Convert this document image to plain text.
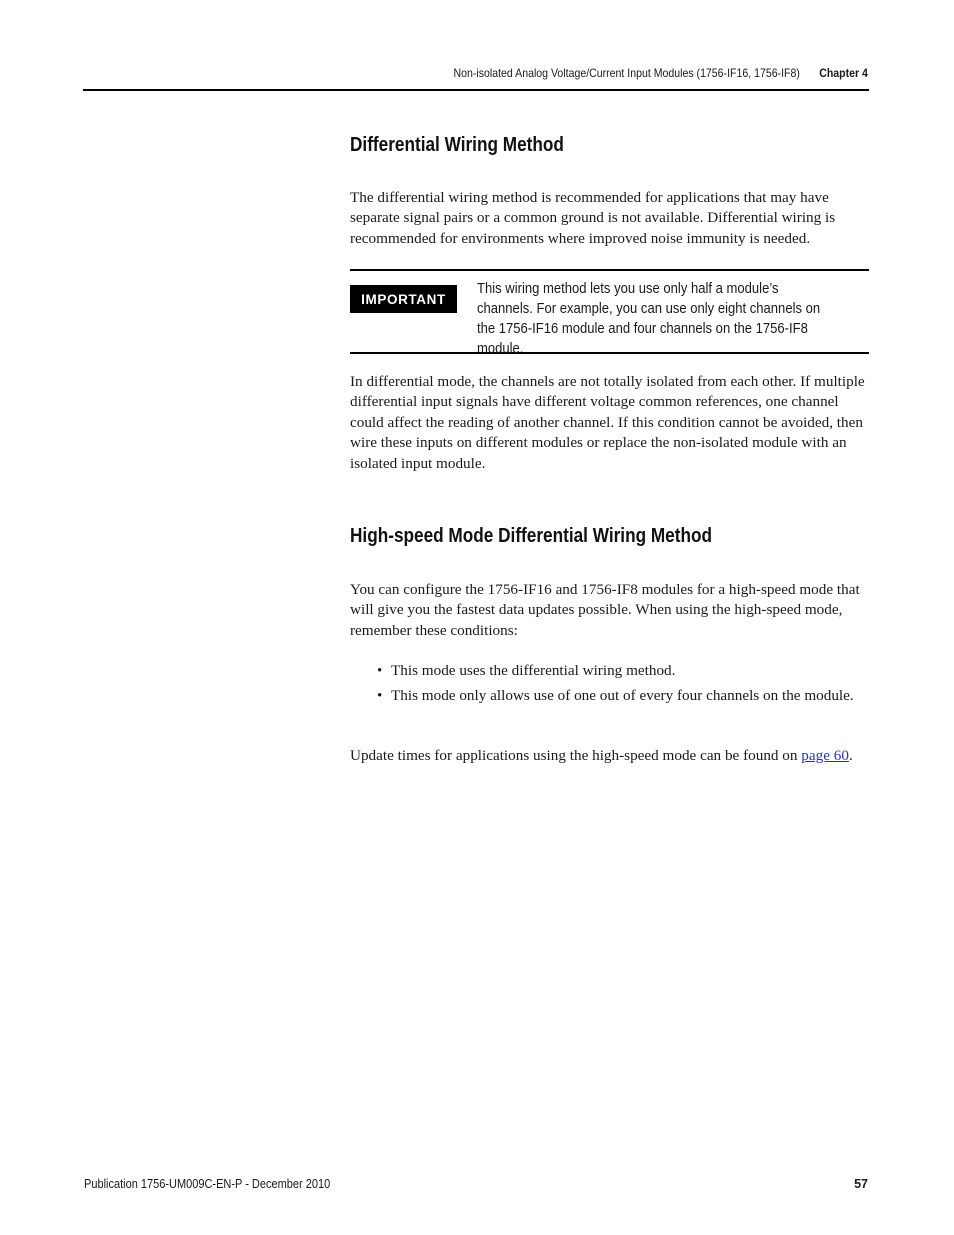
Non-isolated Analog Voltage/Current Input Modules (1756-IF16, 1756-IF8) Chapter 4
Differential Wiring Method

The differential wiring method is recommended for applications that may have separate signal pairs or a common ground is not available. Differential wiring is recommended for environments where improved noise immunity is needed.

IMPORTANT
This wiring method lets you use only half a module’s channels. For example, you can use only eight channels on the 1756-IF16 module and four channels on the 1756-IF8 module.

In differential mode, the channels are not totally isolated from each other. If multiple differential input signals have different voltage common references, one channel could affect the reading of another channel. If this condition cannot be avoided, then wire these inputs on different modules or replace the non-isolated module with an isolated input module.

High-speed Mode Differential Wiring Method

You can configure the 1756-IF16 and 1756-IF8 modules for a high-speed mode that will give you the fastest data updates possible. When using the high-speed mode, remember these conditions:

• This mode uses the differential wiring method.
• This mode only allows use of one out of every four channels on the module.

Update times for applications using the high-speed mode can be found on page 60.

Publication 1756-UM009C-EN-P - December 2010	57
